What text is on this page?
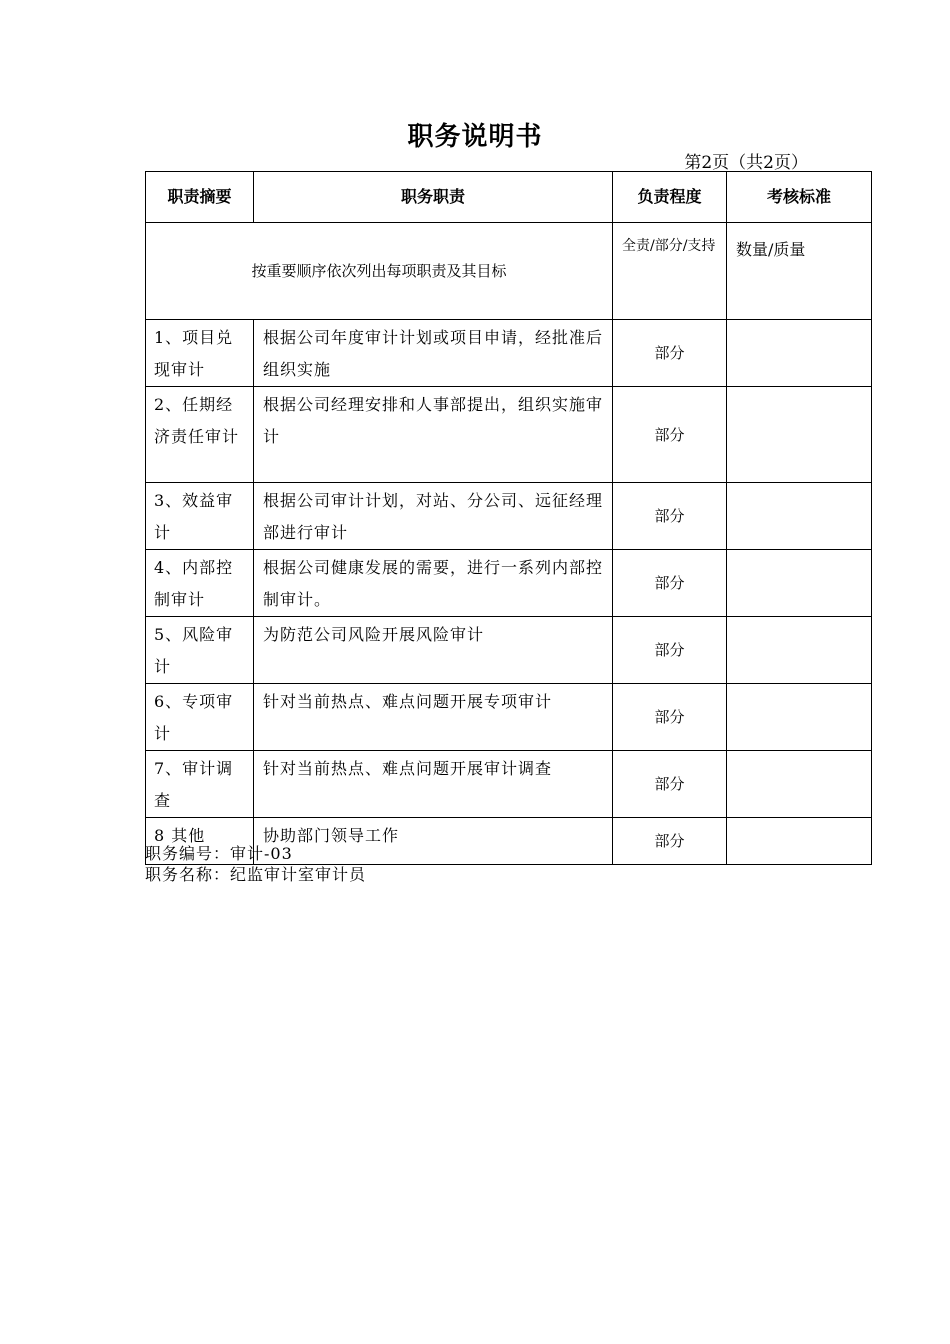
职务说明书
第2页（共2页）
职责摘要	职务职责	负责程度	考核标准
按重要顺序依次列出每项职责及其目标		全责/部分/支持	数量/质量
1、项目兑现审计	根据公司年度审计计划或项目申请，经批准后组织实施	部分	
2、任期经济责任审计	根据公司经理安排和人事部提出，组织实施审计	部分	
3、效益审计	根据公司审计计划，对站、分公司、远征经理部进行审计	部分	
4、内部控制审计	根据公司健康发展的需要，进行一系列内部控制审计。	部分	
5、风险审计	为防范公司风险开展风险审计	部分	
6、专项审计	针对当前热点、难点问题开展专项审计	部分	
7、审计调查	针对当前热点、难点问题开展审计调查	部分	
8 其他	协助部门领导工作	部分	
职务编号：审计-03
职务名称：纪监审计室审计员
